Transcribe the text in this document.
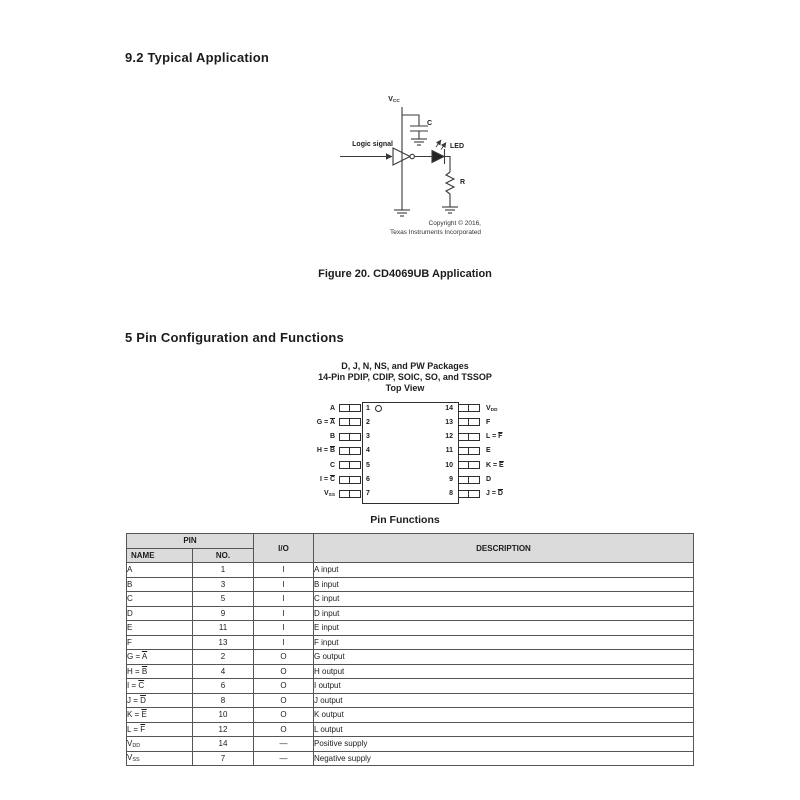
9.2 Typical Application
$V_{CC}$
C
Logic signal	LED
R
Copyright © 2016,
Texas Instruments Incorporated
Figure 20. CD4069UB Application
5 Pin Configuration and Functions
D, J, N, NS, and PW Packages
14-Pin PDIP, CDIP, SOIC, SO, and TSSOP
Top View
1
A
2
$G = \overline{A}$
3
B
4
$H = \overline{B}$
5
C
6
$I = \overline{C}$
7
$V_{SS}$
14	$V_{DD}$
13	F
12	$L = \overline{F}$
11	E
10	$K = \overline{E}$
9	D
8	$J = \overline{D}$
Pin Functions
PIN		I/O	DESCRIPTION
NAME	NO.		
A	1	I	A input
B	3	I	B input
C	5	I	C input
D	9	I	D input
E	11	I	E input
F	13	I	F input
$G = \overline{A}$	2	O	G output
$H = \overline{B}$	4	O	H output
$I = \overline{C}$	6	O	I output
$J = \overline{D}$	8	O	J output
$K = \overline{E}$	10	O	K output
$L = \overline{F}$	12	O	L output
VDD	14	—	Positive supply
VSS	7	—	Negative supply
